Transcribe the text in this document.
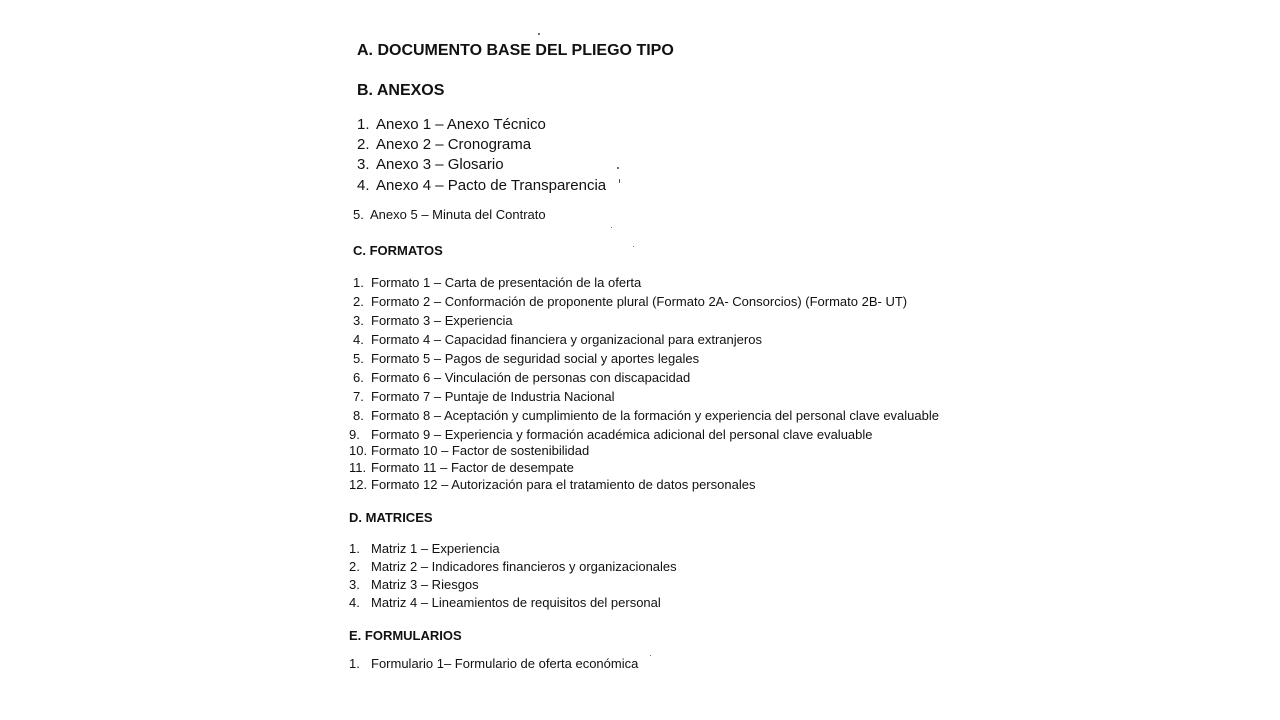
A. DOCUMENTO BASE DEL PLIEGO TIPO
B. ANEXOS
1. Anexo 1 – Anexo Técnico
2. Anexo 2 – Cronograma
3. Anexo 3 – Glosario
4. Anexo 4 – Pacto de Transparencia
5. Anexo 5 – Minuta del Contrato
C. FORMATOS
1. Formato 1 – Carta de presentación de la oferta
2. Formato 2 – Conformación de proponente plural (Formato 2A- Consorcios) (Formato 2B- UT)
3. Formato 3 – Experiencia
4. Formato 4 – Capacidad financiera y organizacional para extranjeros
5. Formato 5 – Pagos de seguridad social y aportes legales
6. Formato 6 – Vinculación de personas con discapacidad
7. Formato 7 – Puntaje de Industria Nacional
8. Formato 8 – Aceptación y cumplimiento de la formación y experiencia del personal clave evaluable
9. Formato 9 – Experiencia y formación académica adicional del personal clave evaluable
10. Formato 10 – Factor de sostenibilidad
11. Formato 11 – Factor de desempate
12. Formato 12 – Autorización para el tratamiento de datos personales
D. MATRICES
1. Matriz 1 – Experiencia
2. Matriz 2 – Indicadores financieros y organizacionales
3. Matriz 3 – Riesgos
4. Matriz 4 – Lineamientos de requisitos del personal
E. FORMULARIOS
1. Formulario 1– Formulario de oferta económica
